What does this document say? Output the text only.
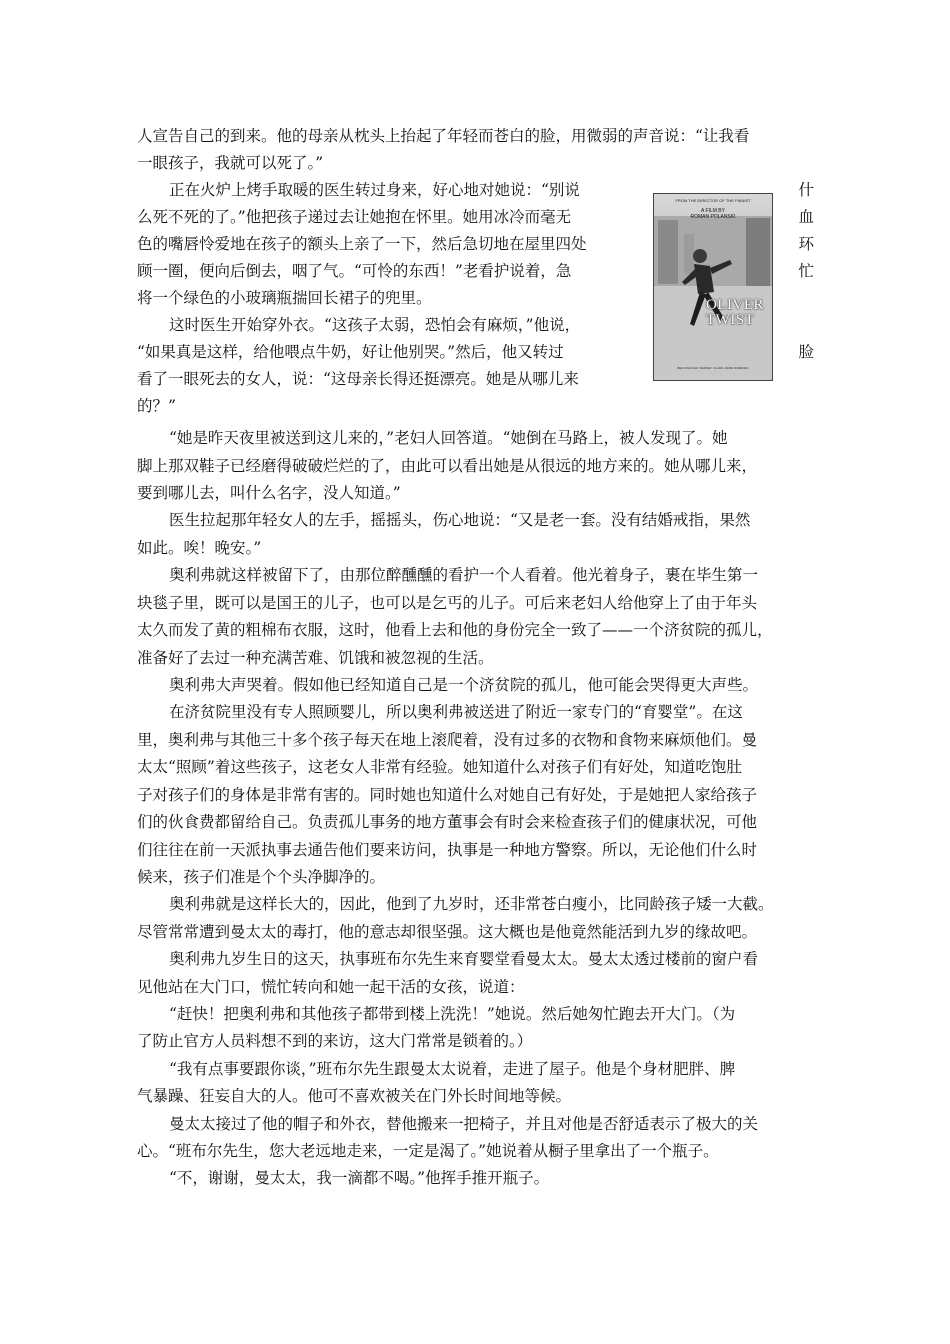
人宣告自己的到来。他的母亲从枕头上抬起了年轻而苍白的脸，用微弱的声音说：“让我看
一眼孩子，我就可以死了。”
正在火炉上烤手取暖的医生转过身来，好心地对她说：“别说
么死不死的了。”他把孩子递过去让她抱在怀里。她用冰冷而毫无
色的嘴唇怜爱地在孩子的额头上亲了一下，然后急切地在屋里四处
顾一圈，便向后倒去，咽了气。“可怜的东西！”老看护说着，急
将一个绿色的小玻璃瓶揣回长裙子的兜里。
这时医生开始穿外衣。“这孩子太弱，恐怕会有麻烦，”他说，
“如果真是这样，给他喂点牛奶，好让他别哭。”然后，他又转过
看了一眼死去的女人，说：“这母亲长得还挺漂亮。她是从哪儿来
的？”
什
血
环
忙
脸
FROM THE DIRECTOR OF THE PIANIST
A FILM BY
ROMAN POLANSKI
OLIVER
TWIST
BEN KINGSLEY BARNEY CLARK JAMIE FOREMAN
“她是昨天夜里被送到这儿来的，”老妇人回答道。“她倒在马路上，被人发现了。她
脚上那双鞋子已经磨得破破烂烂的了，由此可以看出她是从很远的地方来的。她从哪儿来，
要到哪儿去，叫什么名字，没人知道。”
医生拉起那年轻女人的左手，摇摇头，伤心地说：“又是老一套。没有结婚戒指，果然
如此。唉！晚安。”
奥利弗就这样被留下了，由那位醉醺醺的看护一个人看着。他光着身子，裹在毕生第一
块毯子里，既可以是国王的儿子，也可以是乞丐的儿子。可后来老妇人给他穿上了由于年头
太久而发了黄的粗棉布衣服，这时，他看上去和他的身份完全一致了——一个济贫院的孤儿，
准备好了去过一种充满苦难、饥饿和被忽视的生活。
奥利弗大声哭着。假如他已经知道自己是一个济贫院的孤儿，他可能会哭得更大声些。
在济贫院里没有专人照顾婴儿，所以奥利弗被送进了附近一家专门的“育婴堂”。在这
里，奥利弗与其他三十多个孩子每天在地上滚爬着，没有过多的衣物和食物来麻烦他们。曼
太太“照顾”着这些孩子，这老女人非常有经验。她知道什么对孩子们有好处，知道吃饱肚
子对孩子们的身体是非常有害的。同时她也知道什么对她自己有好处，于是她把人家给孩子
们的伙食费都留给自己。负责孤儿事务的地方董事会有时会来检查孩子们的健康状况，可他
们往往在前一天派执事去通告他们要来访问，执事是一种地方警察。所以，无论他们什么时
候来，孩子们准是个个头净脚净的。
奥利弗就是这样长大的，因此，他到了九岁时，还非常苍白瘦小，比同龄孩子矮一大截。
尽管常常遭到曼太太的毒打，他的意志却很坚强。这大概也是他竟然能活到九岁的缘故吧。
奥利弗九岁生日的这天，执事班布尔先生来育婴堂看曼太太。曼太太透过楼前的窗户看
见他站在大门口，慌忙转向和她一起干活的女孩，说道：
“赶快！把奥利弗和其他孩子都带到楼上洗洗！”她说。然后她匆忙跑去开大门。（为
了防止官方人员料想不到的来访，这大门常常是锁着的。）
“我有点事要跟你谈，”班布尔先生跟曼太太说着，走进了屋子。他是个身材肥胖、脾
气暴躁、狂妄自大的人。他可不喜欢被关在门外长时间地等候。
曼太太接过了他的帽子和外衣，替他搬来一把椅子，并且对他是否舒适表示了极大的关
心。“班布尔先生，您大老远地走来，一定是渴了。”她说着从橱子里拿出了一个瓶子。
“不，谢谢，曼太太，我一滴都不喝。”他挥手推开瓶子。
